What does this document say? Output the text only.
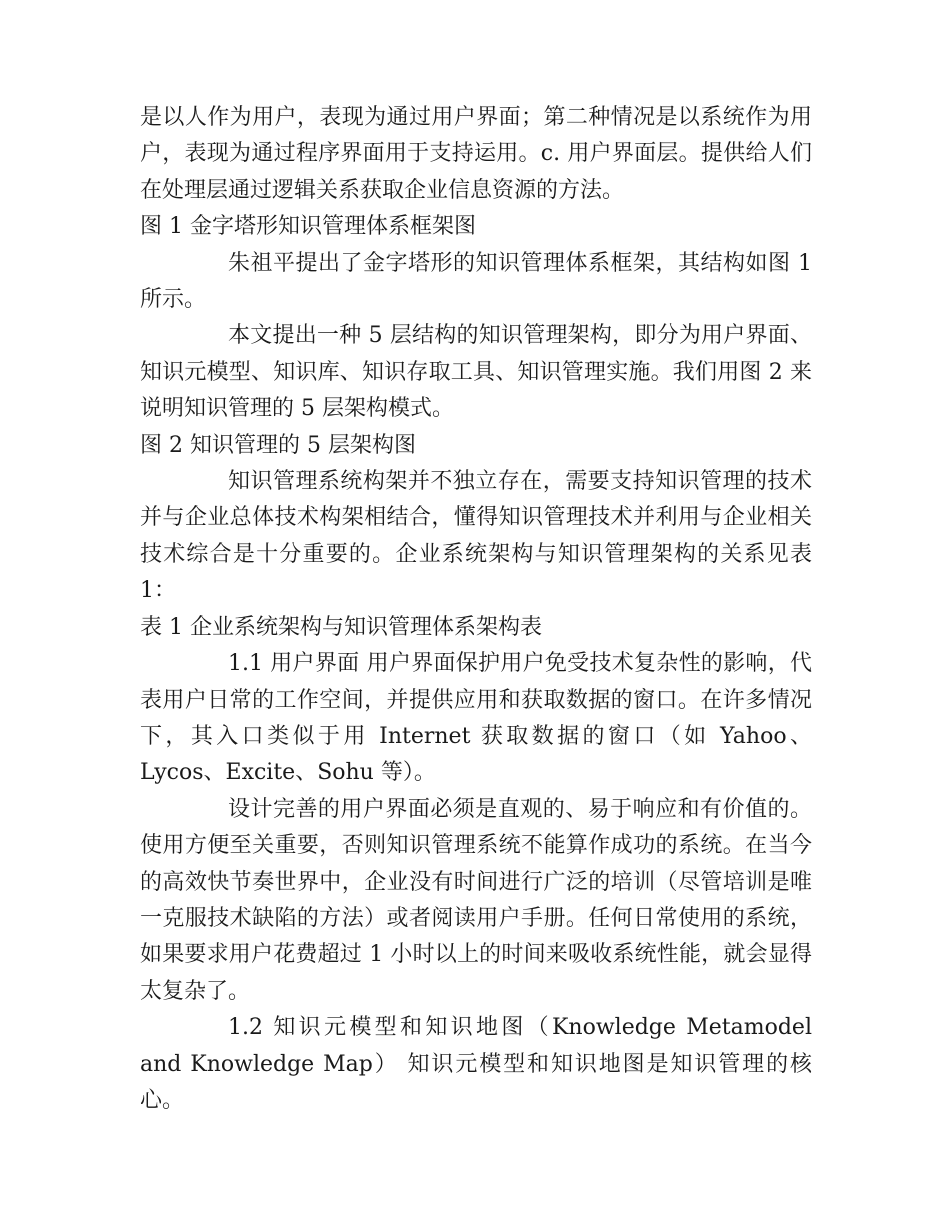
是以人作为用户，表现为通过用户界面；第二种情况是以系统作为用户，表现为通过程序界面用于支持运用。c. 用户界面层。提供给人们在处理层通过逻辑关系获取企业信息资源的方法。

图 1 金字塔形知识管理体系框架图

朱祖平提出了金字塔形的知识管理体系框架，其结构如图 1 所示。

本文提出一种 5 层结构的知识管理架构，即分为用户界面、知识元模型、知识库、知识存取工具、知识管理实施。我们用图 2 来说明知识管理的 5 层架构模式。

图 2 知识管理的 5 层架构图

知识管理系统构架并不独立存在，需要支持知识管理的技术并与企业总体技术构架相结合，懂得知识管理技术并利用与企业相关技术综合是十分重要的。企业系统架构与知识管理架构的关系见表 1：

表 1 企业系统架构与知识管理体系架构表

1.1 用户界面 用户界面保护用户免受技术复杂性的影响，代表用户日常的工作空间，并提供应用和获取数据的窗口。在许多情况下，其入口类似于用 Internet 获取数据的窗口（如 Yahoo、Lycos、Excite、Sohu 等）。

设计完善的用户界面必须是直观的、易于响应和有价值的。使用方便至关重要，否则知识管理系统不能算作成功的系统。在当今的高效快节奏世界中，企业没有时间进行广泛的培训（尽管培训是唯一克服技术缺陷的方法）或者阅读用户手册。任何日常使用的系统，如果要求用户花费超过 1 小时以上的时间来吸收系统性能，就会显得太复杂了。

1.2 知识元模型和知识地图（Knowledge Metamodel and Knowledge Map） 知识元模型和知识地图是知识管理的核心。
